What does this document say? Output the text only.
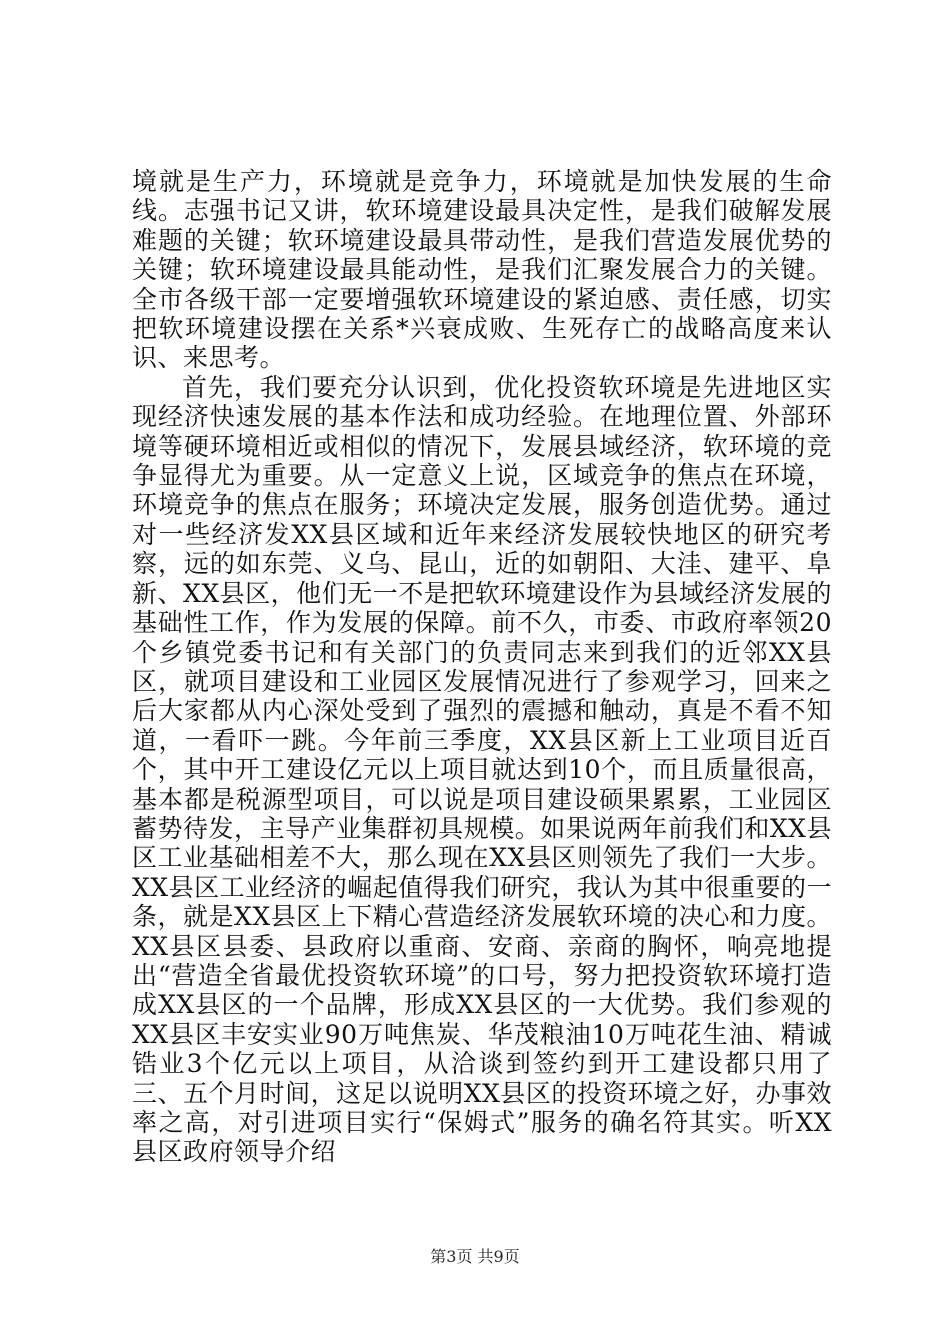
境就是生产力，环境就是竞争力，环境就是加快发展的生命线。志强书记又讲，软环境建设最具决定性，是我们破解发展难题的关键；软环境建设最具带动性，是我们营造发展优势的关键；软环境建设最具能动性，是我们汇聚发展合力的关键。全市各级干部一定要增强软环境建设的紧迫感、责任感，切实把软环境建设摆在关系*兴衰成败、生死存亡的战略高度来认识、来思考。

首先，我们要充分认识到，优化投资软环境是先进地区实现经济快速发展的基本作法和成功经验。在地理位置、外部环境等硬环境相近或相似的情况下，发展县域经济，软环境的竞争显得尤为重要。从一定意义上说，区域竞争的焦点在环境，环境竞争的焦点在服务；环境决定发展，服务创造优势。通过对一些经济发XX县区域和近年来经济发展较快地区的研究考察，远的如东莞、义乌、昆山，近的如朝阳、大洼、建平、阜新、XX县区，他们无一不是把软环境建设作为县域经济发展的基础性工作，作为发展的保障。前不久，市委、市政府率领20个乡镇党委书记和有关部门的负责同志来到我们的近邻XX县区，就项目建设和工业园区发展情况进行了参观学习，回来之后大家都从内心深处受到了强烈的震撼和触动，真是不看不知道，一看吓一跳。今年前三季度，XX县区新上工业项目近百个，其中开工建设亿元以上项目就达到10个，而且质量很高，基本都是税源型项目，可以说是项目建设硕果累累，工业园区蓄势待发，主导产业集群初具规模。如果说两年前我们和XX县区工业基础相差不大，那么现在XX县区则领先了我们一大步。XX县区工业经济的崛起值得我们研究，我认为其中很重要的一条，就是XX县区上下精心营造经济发展软环境的决心和力度。XX县区县委、县政府以重商、安商、亲商的胸怀，响亮地提出“营造全省最优投资软环境”的口号，努力把投资软环境打造成XX县区的一个品牌，形成XX县区的一大优势。我们参观的XX县区丰安实业90万吨焦炭、华茂粮油10万吨花生油、精诚锆业3个亿元以上项目，从洽谈到签约到开工建设都只用了三、五个月时间，这足以说明XX县区的投资环境之好，办事效率之高，对引进项目实行“保姆式”服务的确名符其实。听XX县区政府领导介绍

第3页 共9页
